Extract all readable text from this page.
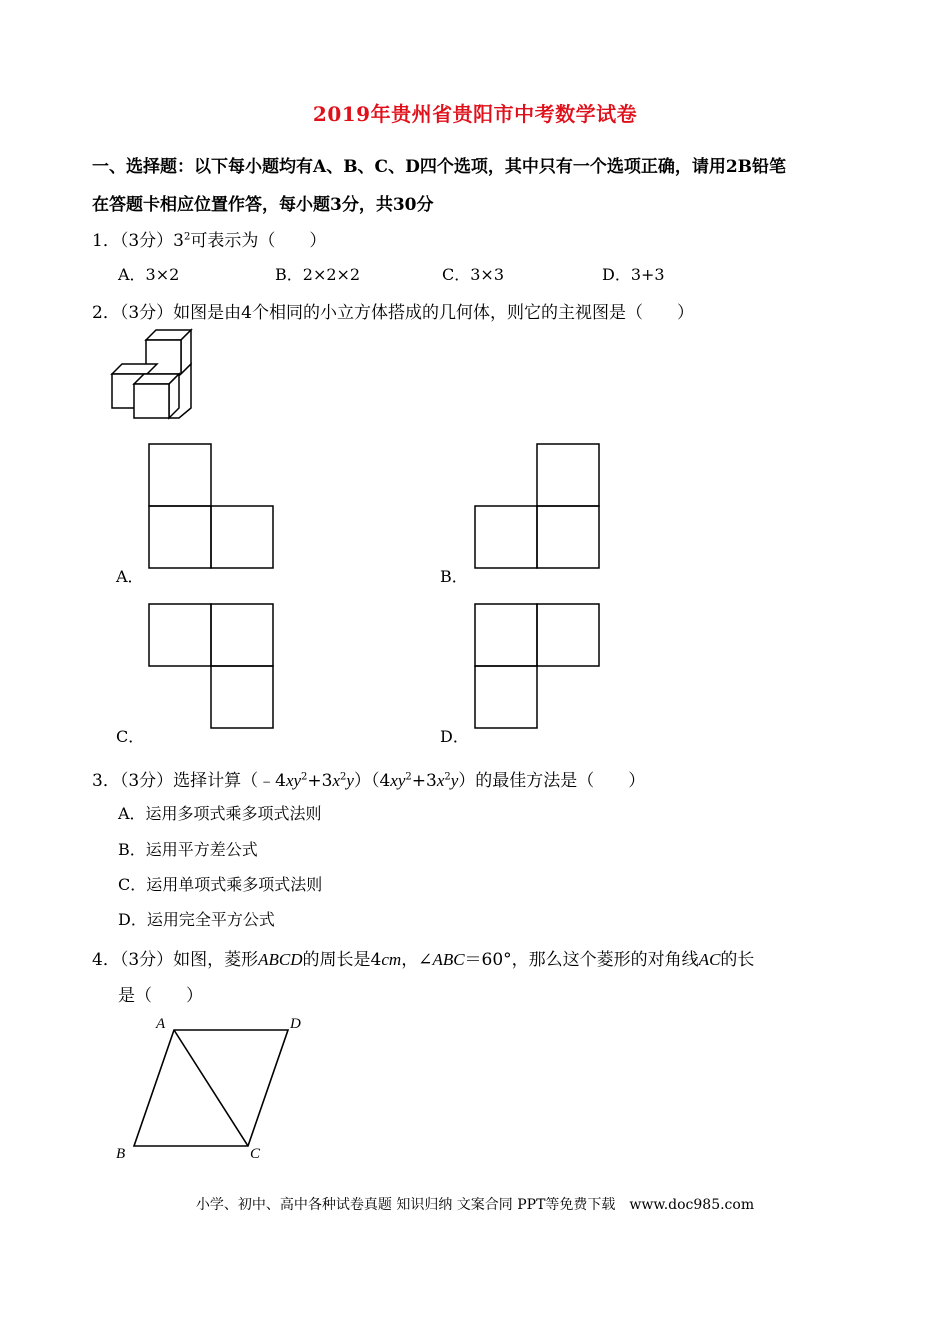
2019年贵州省贵阳市中考数学试卷
一、选择题：以下每小题均有A、B、C、D四个选项，其中只有一个选项正确，请用2B铅笔
在答题卡相应位置作答，每小题3分，共30分
1．（3分）$3^2$可表示为（　　）
A．3×2	B．2×2×2	C．3×3	D．3+3
2．（3分）如图是由4个相同的小立方体搭成的几何体，则它的主视图是（　　）
A．	B．
C．	D．
3．（3分）选择计算$(﹣4xy^2+3x^2y)(4xy^2+3x^2y)$的最佳方法是（　　）
A．运用多项式乘多项式法则
B．运用平方差公式
C．运用单项式乘多项式法则
D．运用完全平方公式
4．（3分）如图，菱形ABCD的周长是4cm，∠ABC＝60°，那么这个菱形的对角线AC的长
是（　　）
A	D
B	C
小学、初中、高中各种试卷真题 知识归纳 文案合同 PPT等免费下载　www.doc985.com
